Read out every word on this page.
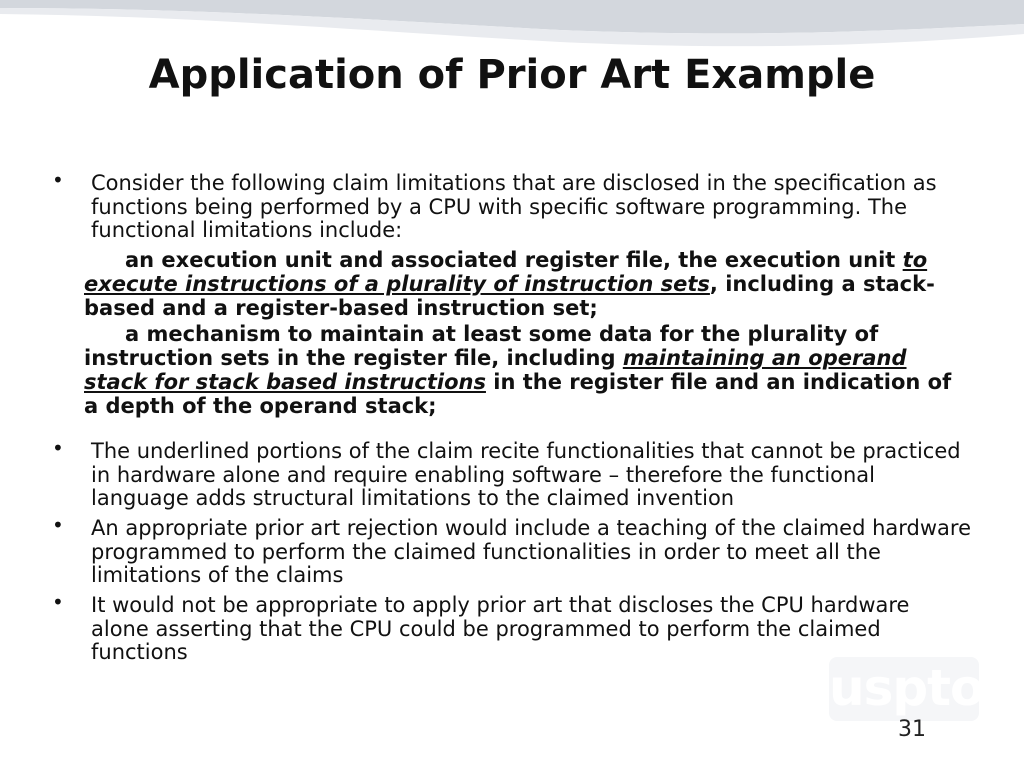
Application of Prior Art Example
• Consider the following claim limitations that are disclosed in the specification as functions being performed by a CPU with specific software programming. The functional limitations include:
an execution unit and associated register file, the execution unit to execute instructions of a plurality of instruction sets, including a stack-based and a register-based instruction set;
a mechanism to maintain at least some data for the plurality of instruction sets in the register file, including maintaining an operand stack for stack based instructions in the register file and an indication of a depth of the operand stack;
• The underlined portions of the claim recite functionalities that cannot be practiced in hardware alone and require enabling software – therefore the functional language adds structural limitations to the claimed invention
• An appropriate prior art rejection would include a teaching of the claimed hardware programmed to perform the claimed functionalities in order to meet all the limitations of the claims
• It would not be appropriate to apply prior art that discloses the CPU hardware alone asserting that the CPU could be programmed to perform the claimed functions
uspto
31
